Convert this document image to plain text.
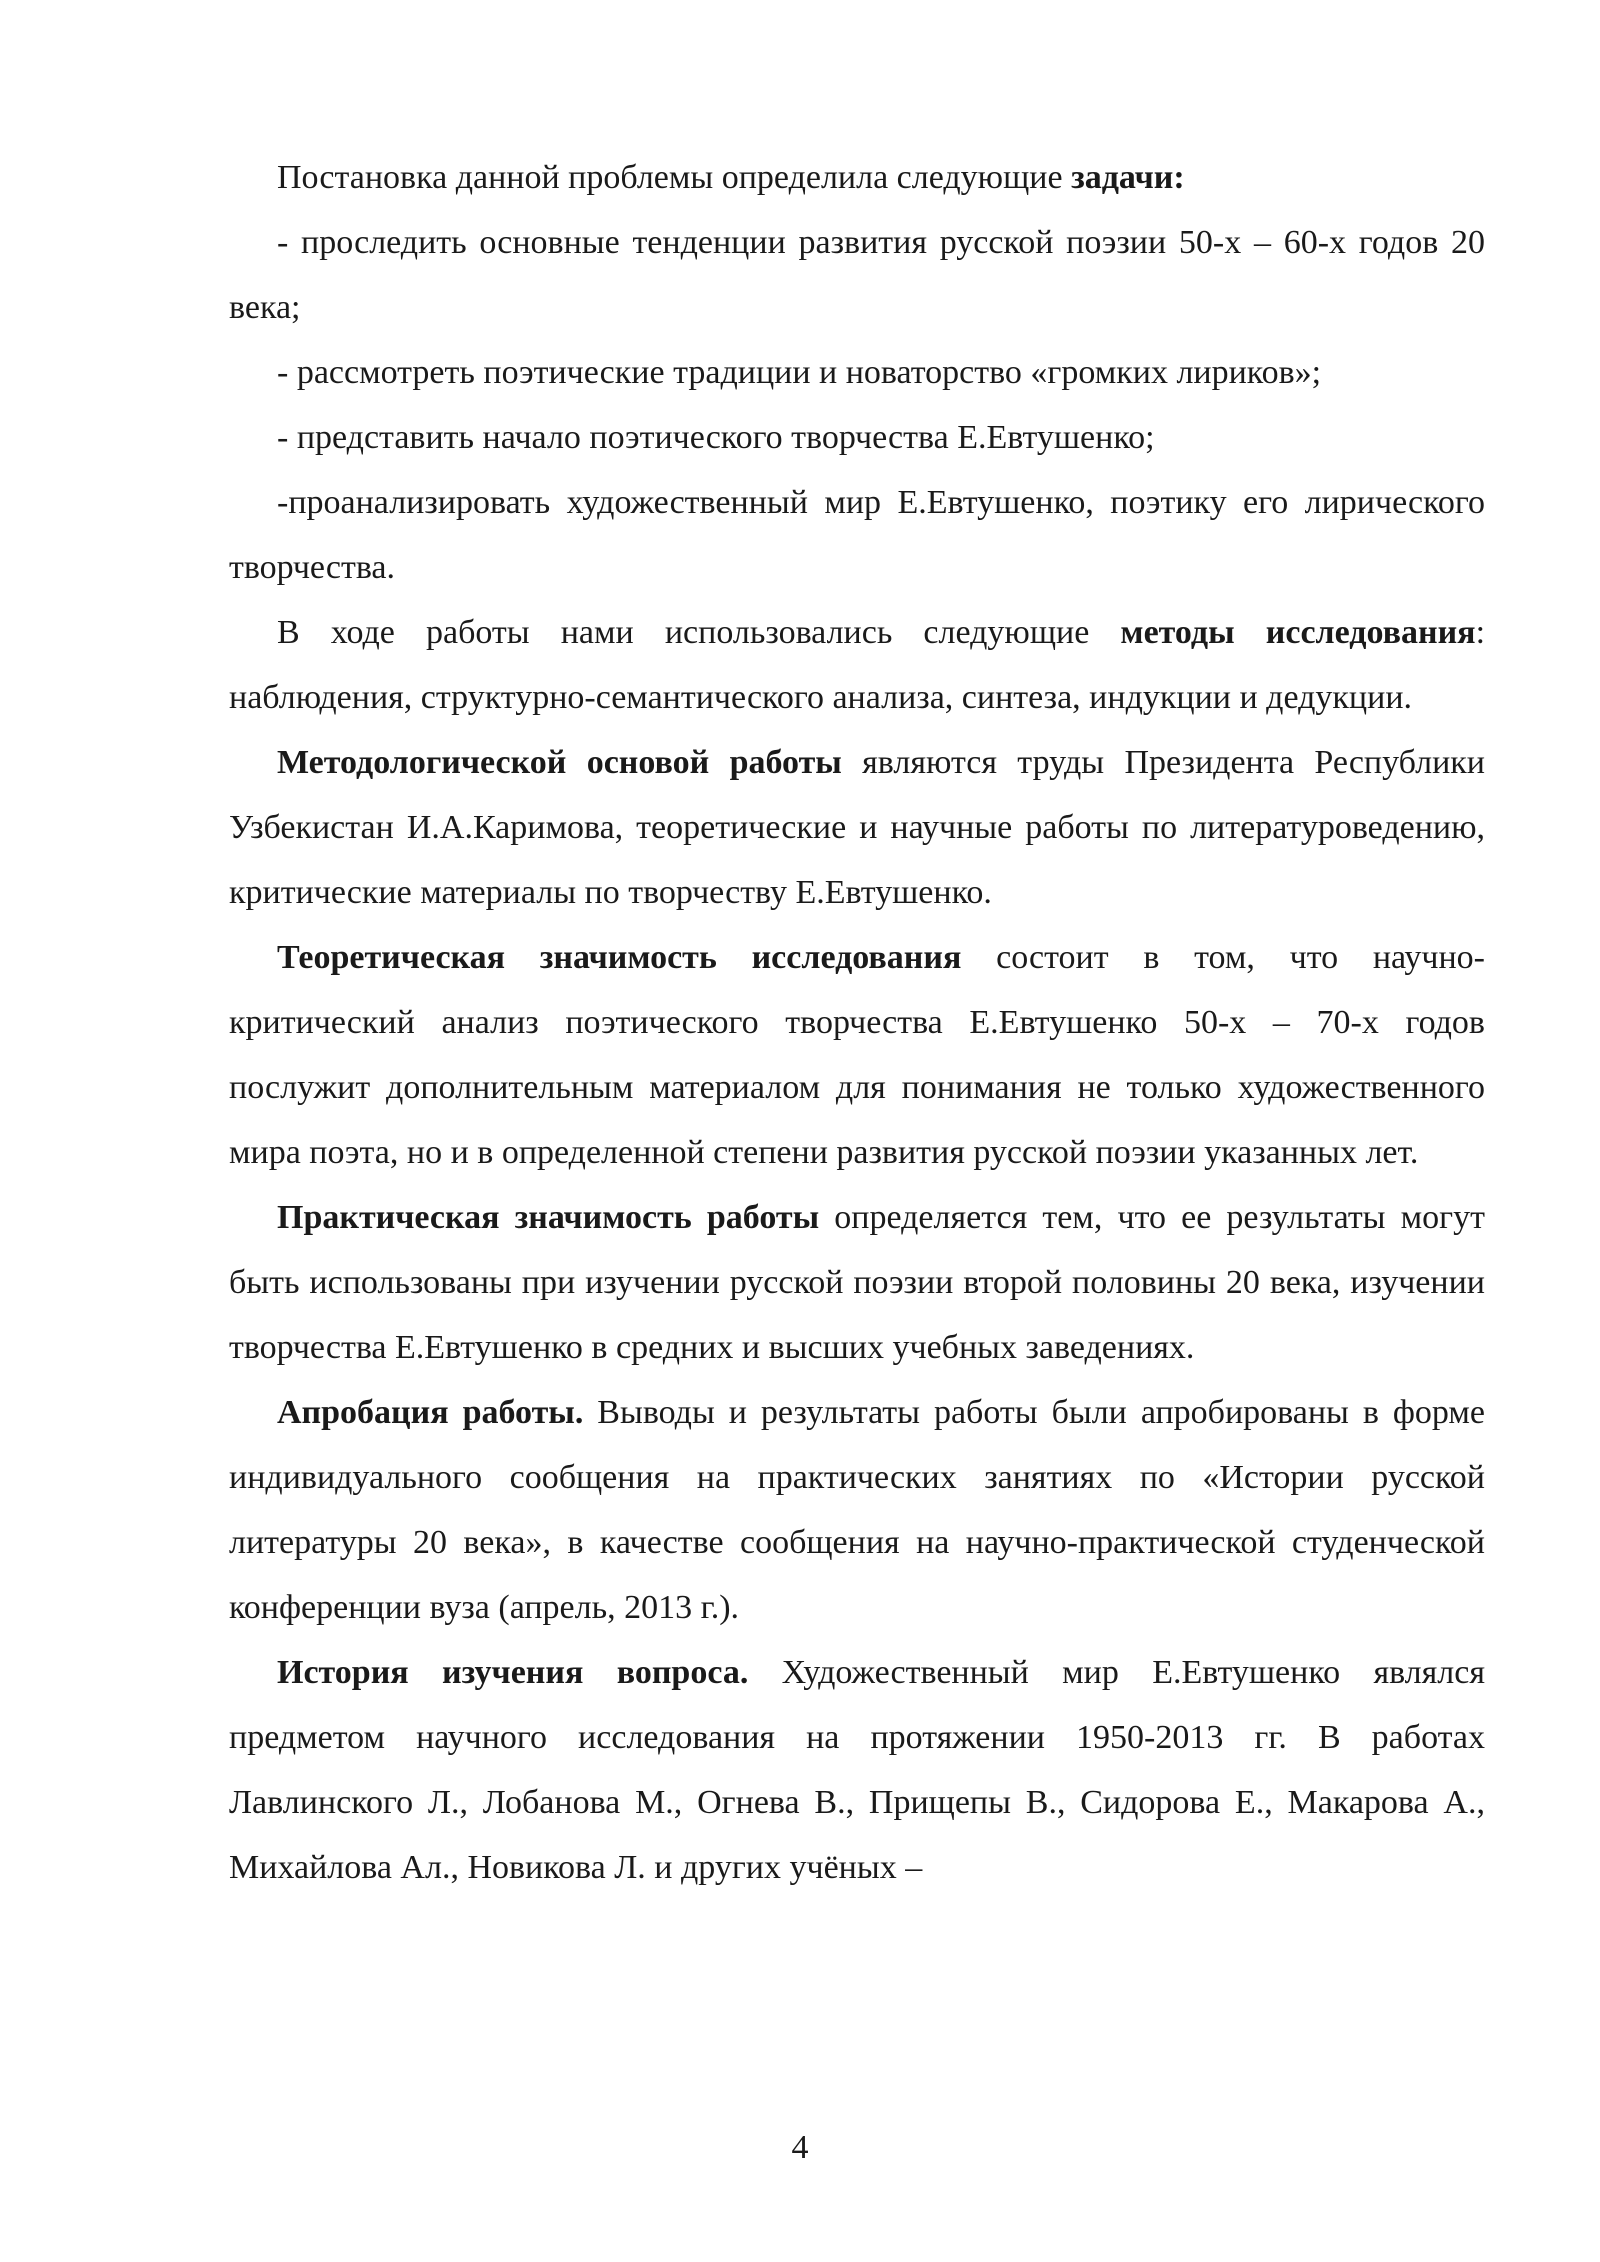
Постановка данной проблемы определила следующие задачи:

- проследить основные тенденции развития русской поэзии 50-х – 60-х годов 20 века;

- рассмотреть поэтические традиции и новаторство «громких лириков»;

- представить начало поэтического творчества Е.Евтушенко;

-проанализировать художественный мир Е.Евтушенко, поэтику его лирического творчества.

В ходе работы нами использовались следующие методы исследования: наблюдения, структурно-семантического анализа, синтеза, индукции и дедукции.

Методологической основой работы являются труды Президента Республики Узбекистан И.А.Каримова, теоретические и научные работы по литературоведению, критические материалы по творчеству Е.Евтушенко.

Теоретическая значимость исследования состоит в том, что научно-критический анализ поэтического творчества Е.Евтушенко 50-х – 70-х годов послужит дополнительным материалом для понимания не только художественного мира поэта, но и в определенной степени развития русской поэзии указанных лет.

Практическая значимость работы определяется тем, что ее результаты могут быть использованы при изучении русской поэзии второй половины 20 века, изучении творчества Е.Евтушенко в средних и высших учебных заведениях.

Апробация работы. Выводы и результаты работы были апробированы в форме индивидуального сообщения на практических занятиях по «Истории русской литературы 20 века», в качестве сообщения на научно-практической студенческой конференции вуза (апрель, 2013 г.).

История изучения вопроса. Художественный мир Е.Евтушенко являлся предметом научного исследования на протяжении 1950-2013 гг. В работах Лавлинского Л., Лобанова М., Огнева В., Прищепы В., Сидорова Е., Макарова А., Михайлова Ал., Новикова Л. и других учёных –

4
